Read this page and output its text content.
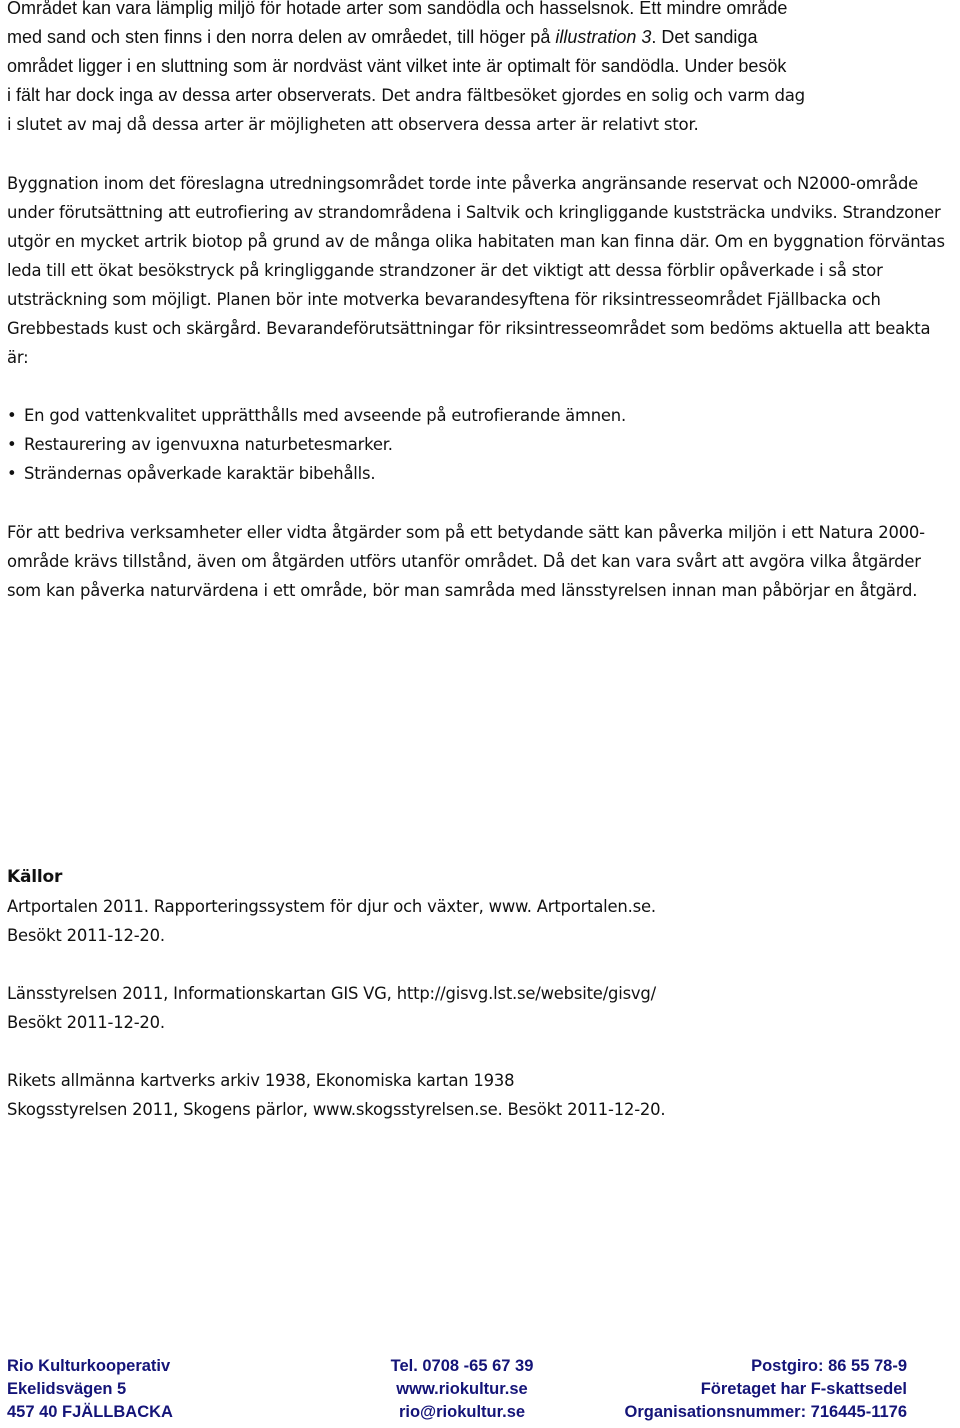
Området kan vara lämplig miljö för hotade arter som sandödla och hasselsnok. Ett mindre område
med sand och sten finns i den norra delen av områedet, till höger på illustration 3. Det sandiga
området ligger i en sluttning som är nordväst vänt vilket inte är optimalt för sandödla. Under besök
i fält har dock inga av dessa arter observerats. Det andra fältbesöket gjordes en solig och varm dag
i slutet av maj då dessa arter är möjligheten att observera dessa arter är relativt stor.

Byggnation inom det föreslagna utredningsområdet torde inte påverka angränsande reservat och N2000-område under förutsättning att eutrofiering av strandområdena i Saltvik och kringliggande kuststräcka undviks. Strandzoner utgör en mycket artrik biotop på grund av de många olika habitaten man kan finna där. Om en byggnation förväntas leda till ett ökat besökstryck på kringliggande strandzoner är det viktigt att dessa förblir opåverkade i så stor utsträckning som möjligt. Planen bör inte motverka bevarandesyftena för riksintresseområdet Fjällbacka och Grebbestads kust och skärgård. Bevarandeförutsättningar för riksintresseområdet som bedöms aktuella att beakta är:

• En god vattenkvalitet upprätthålls med avseende på eutrofierande ämnen.
• Restaurering av igenvuxna naturbetesmarker.
• Strändernas opåverkade karaktär bibehålls.

För att bedriva verksamheter eller vidta åtgärder som på ett betydande sätt kan påverka miljön i ett Natura 2000-område krävs tillstånd, även om åtgärden utförs utanför området. Då det kan vara svårt att avgöra vilka åtgärder som kan påverka naturvärdena i ett område, bör man samråda med länsstyrelsen innan man påbörjar en åtgärd.

Källor

Artportalen 2011. Rapporteringssystem för djur och växter, www. Artportalen.se.

Besökt 2011-12-20.

Länsstyrelsen 2011, Informationskartan GIS VG, http://gisvg.lst.se/website/gisvg/

Besökt 2011-12-20.

Rikets allmänna kartverks arkiv 1938, Ekonomiska kartan 1938

Skogsstyrelsen 2011, Skogens pärlor, www.skogsstyrelsen.se. Besökt 2011-12-20.

Rio Kulturkooperativ
Ekelidsvägen 5
457 40 FJÄLLBACKA
Tel. 0708 -65 67 39
www.riokultur.se
rio@riokultur.se
Postgiro: 86 55 78-9
Företaget har F-skattsedel
Organisationsnummer: 716445-1176
